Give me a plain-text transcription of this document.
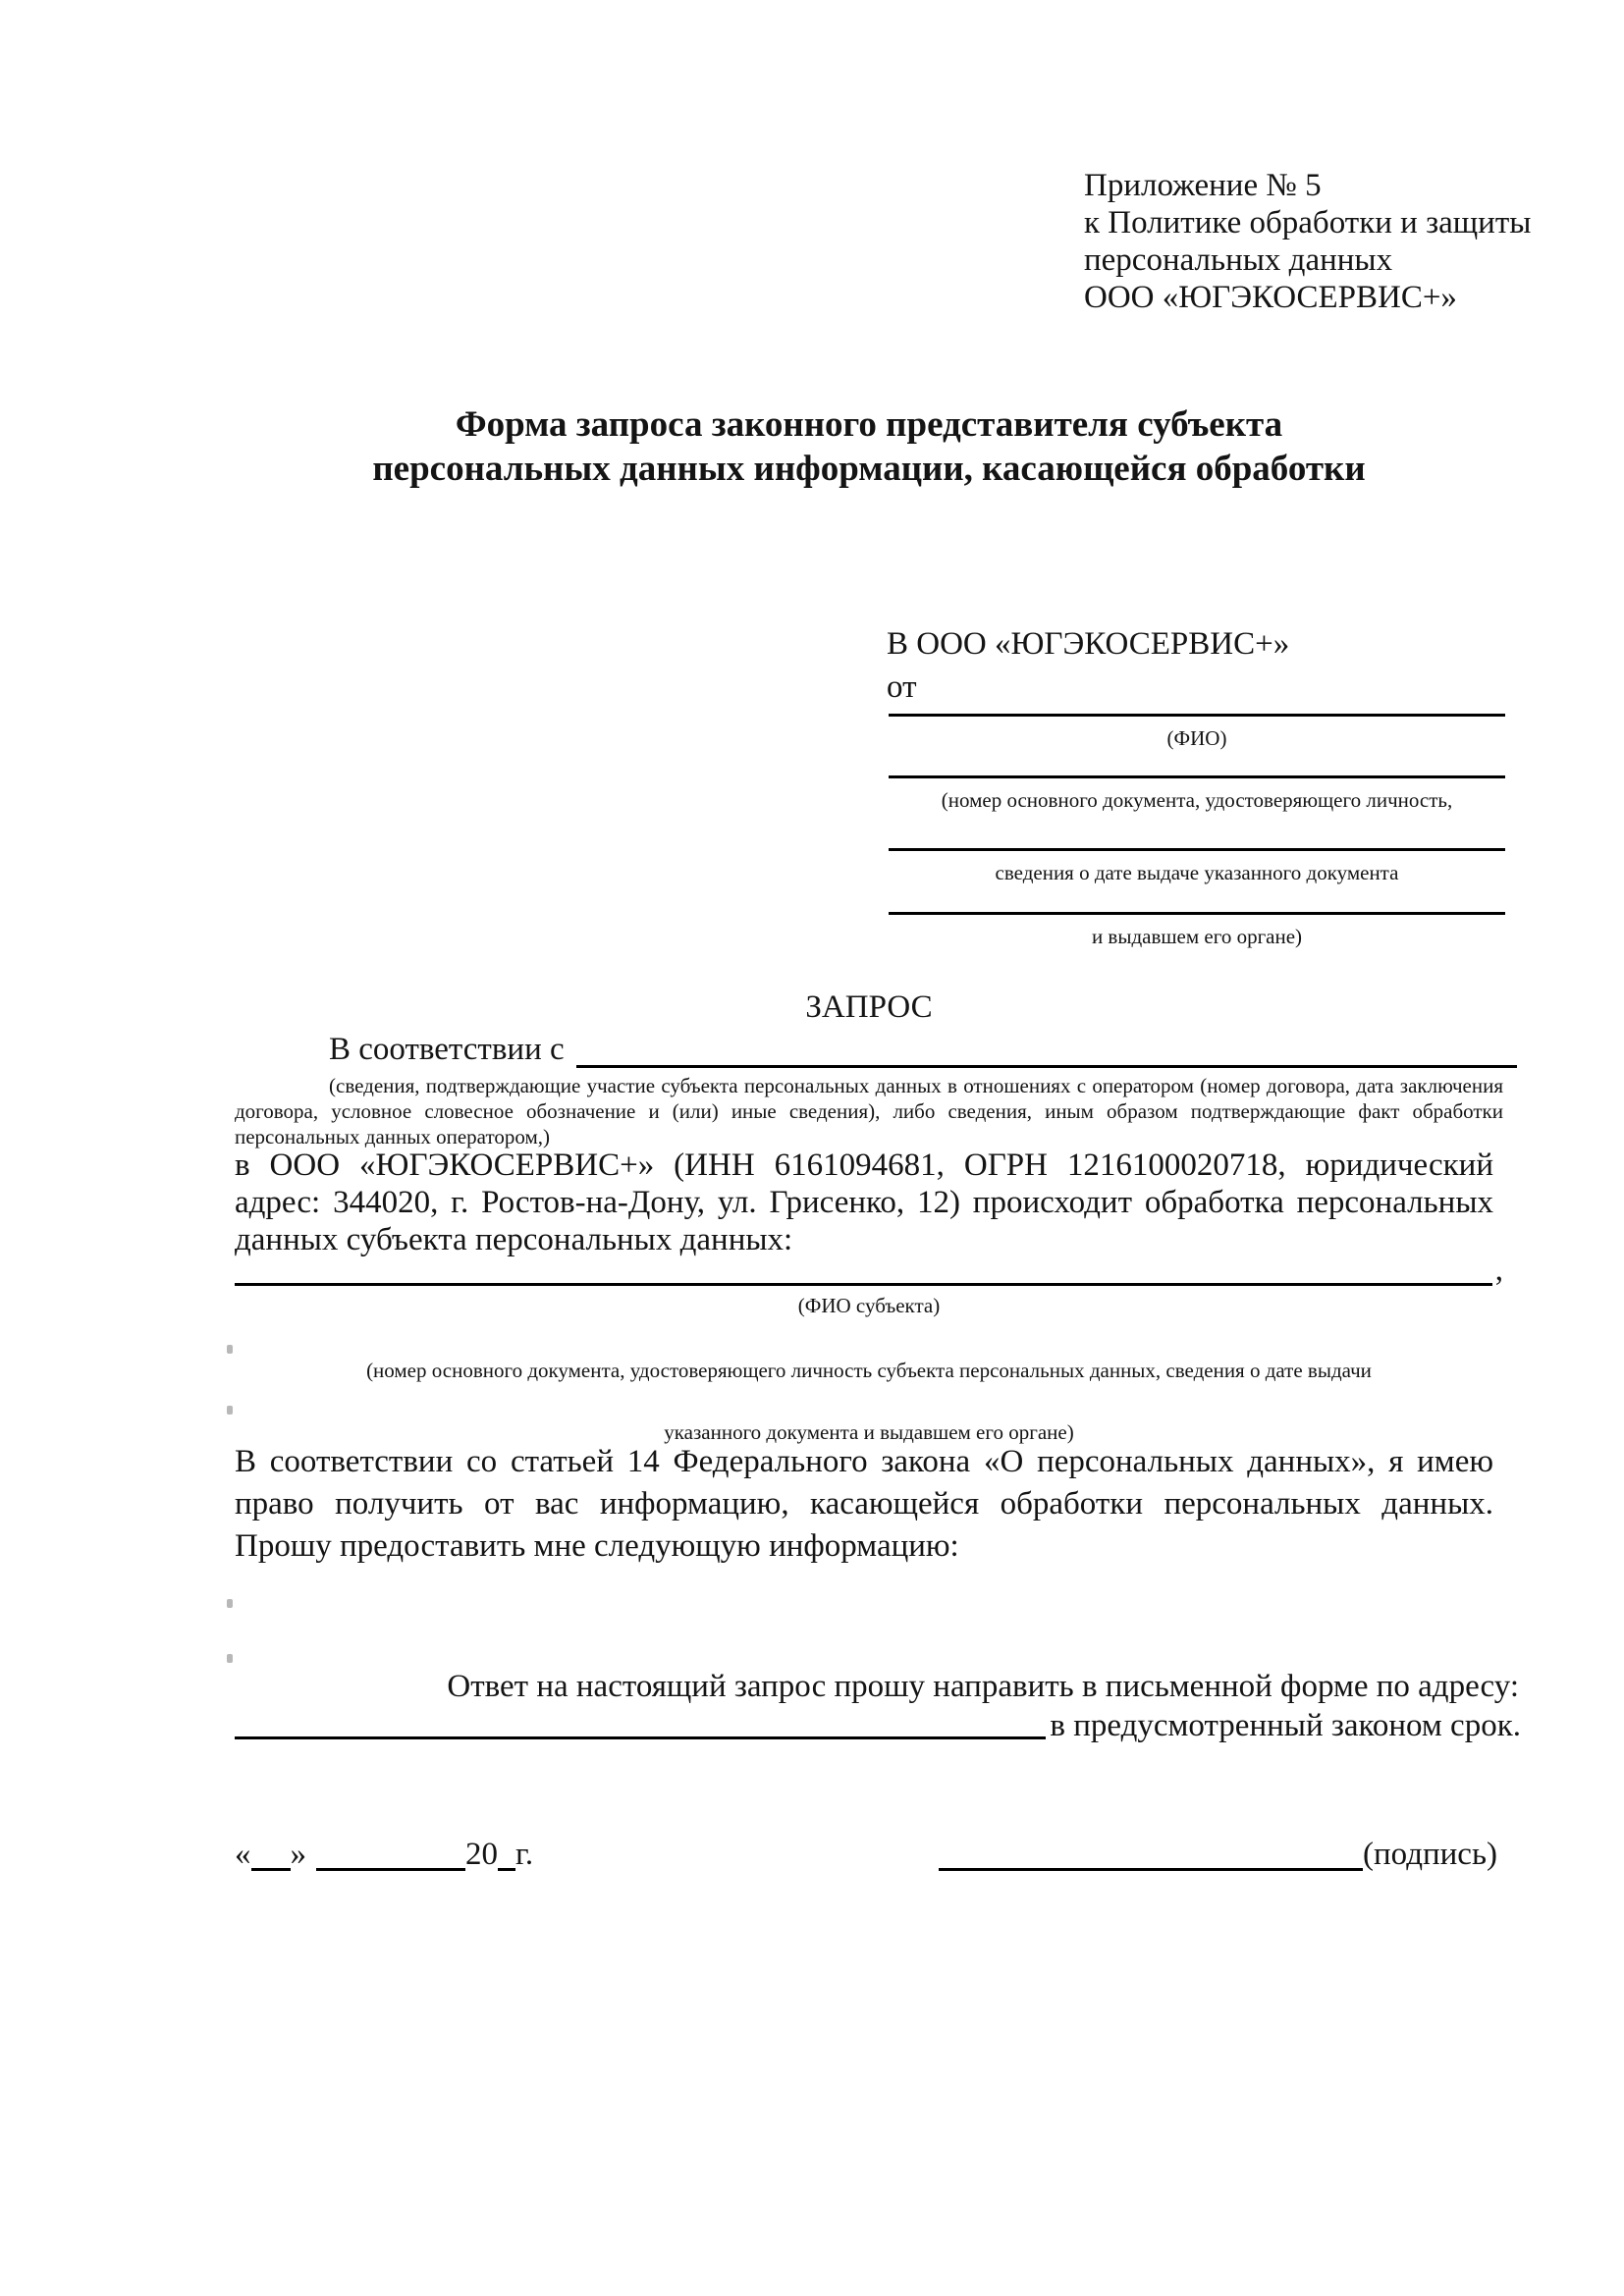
Приложение № 5
к Политике обработки и защиты
персональных данных
ООО «ЮГЭКОСЕРВИС+»
Форма запроса законного представителя субъекта
персональных данных информации, касающейся обработки
В ООО «ЮГЭКОСЕРВИС+»
от
(ФИО)
(номер основного документа, удостоверяющего личность,
сведения о дате выдаче указанного документа
и выдавшем его органе)
ЗАПРОС
В соответствии с
(сведения, подтверждающие участие субъекта персональных данных в отношениях с оператором (номер договора, дата заключения договора, условное словесное обозначение и (или) иные сведения), либо сведения, иным образом подтверждающие факт обработки персональных данных оператором,)
в ООО «ЮГЭКОСЕРВИС+» (ИНН 6161094681, ОГРН 1216100020718, юридический адрес: 344020, г. Ростов-на-Дону, ул. Грисенко, 12) происходит обработка персональных данных субъекта персональных данных:
,
(ФИО субъекта)
(номер основного документа, удостоверяющего личность субъекта персональных данных, сведения о дате выдачи
указанного документа и выдавшем его органе)
В соответствии со статьей 14 Федерального закона «О персональных данных», я имею право получить от вас информацию, касающейся обработки персональных данных. Прошу предоставить мне следующую информацию:
Ответ на настоящий запрос прошу направить в письменной форме по адресу:
в предусмотренный законом срок.
« »	20 г.	(подпись)
